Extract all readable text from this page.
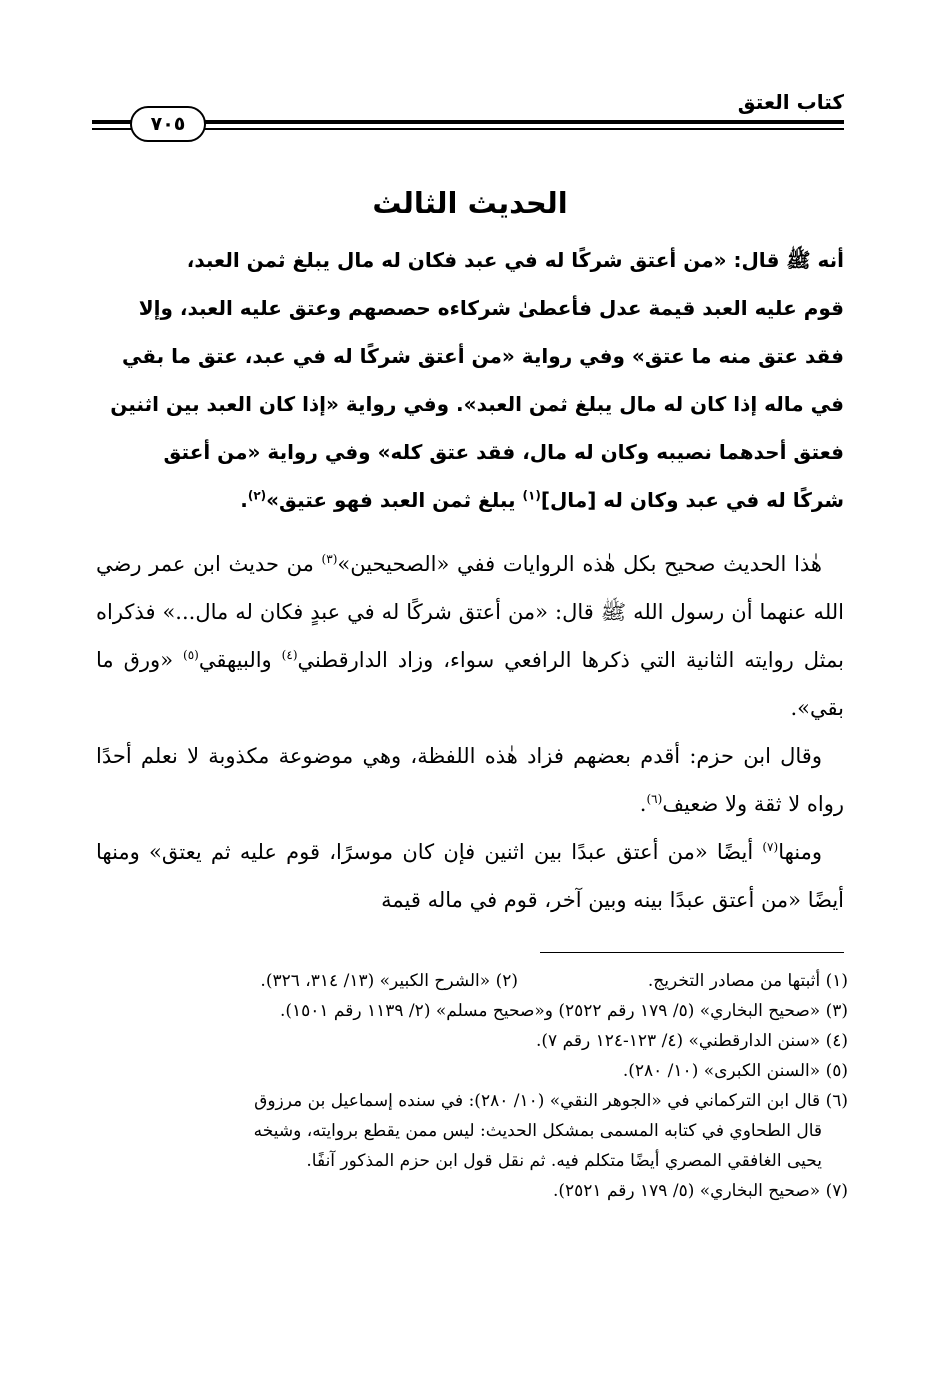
كتاب العتق
٧٠٥
الحديث الثالث

أنه ﷺ قال: «من أعتق شركًا له في عبد فكان له مال يبلغ ثمن العبد،

قوم عليه العبد قيمة عدل فأعطىٰ شركاءه حصصهم وعتق عليه العبد، وإلا

فقد عتق منه ما عتق» وفي رواية «من أعتق شركًا له في عبد، عتق ما بقي

في ماله إذا كان له مال يبلغ ثمن العبد». وفي رواية «إذا كان العبد بين اثنين

فعتق أحدهما نصيبه وكان له مال، فقد عتق كله» وفي رواية «من أعتق

شركًا له في عبد وكان له [مال]$^{(١)}$ يبلغ ثمن العبد فهو عتيق»$^{(٢)}$.

هٰذا الحديث صحيح بكل هٰذه الروايات ففي «الصحيحين»$^{(٣)}$ من حديث ابن عمر رضي الله عنهما أن رسول الله ﷺ قال: «من أعتق شركًا له في عبدٍ فكان له مال...» فذكراه بمثل روايته الثانية التي ذكرها الرافعي سواء، وزاد الدارقطني$^{(٤)}$ والبيهقي$^{(٥)}$ «ورق ما بقي».

وقال ابن حزم: أقدم بعضهم فزاد هٰذه اللفظة، وهي موضوعة مكذوبة لا نعلم أحدًا رواه لا ثقة ولا ضعيف$^{(٦)}$.

ومنها$^{(٧)}$ أيضًا «من أعتق عبدًا بين اثنين فإن كان موسرًا، قوم عليه ثم يعتق» ومنها أيضًا «من أعتق عبدًا بينه وبين آخر، قوم في ماله قيمة

(١) أثبتها من مصادر التخريج.
(٢) «الشرح الكبير» (١٣/ ٣١٤، ٣٢٦).
(٣) «صحيح البخاري» (٥/ ١٧٩ رقم ٢٥٢٢) و«صحيح مسلم» (٢/ ١١٣٩ رقم ١٥٠١).
(٤) «سنن الدارقطني» (٤/ ١٢٣-١٢٤ رقم ٧).
(٥) «السنن الكبرى» (١٠/ ٢٨٠).
(٦) قال ابن التركماني في «الجوهر النقي» (١٠/ ٢٨٠): في سنده إسماعيل بن مرزوق
قال الطحاوي في كتابه المسمى بمشكل الحديث: ليس ممن يقطع بروايته، وشيخه
يحيى الغافقي المصري أيضًا متكلم فيه. ثم نقل قول ابن حزم المذكور آنفًا.
(٧) «صحيح البخاري» (٥/ ١٧٩ رقم ٢٥٢١).
